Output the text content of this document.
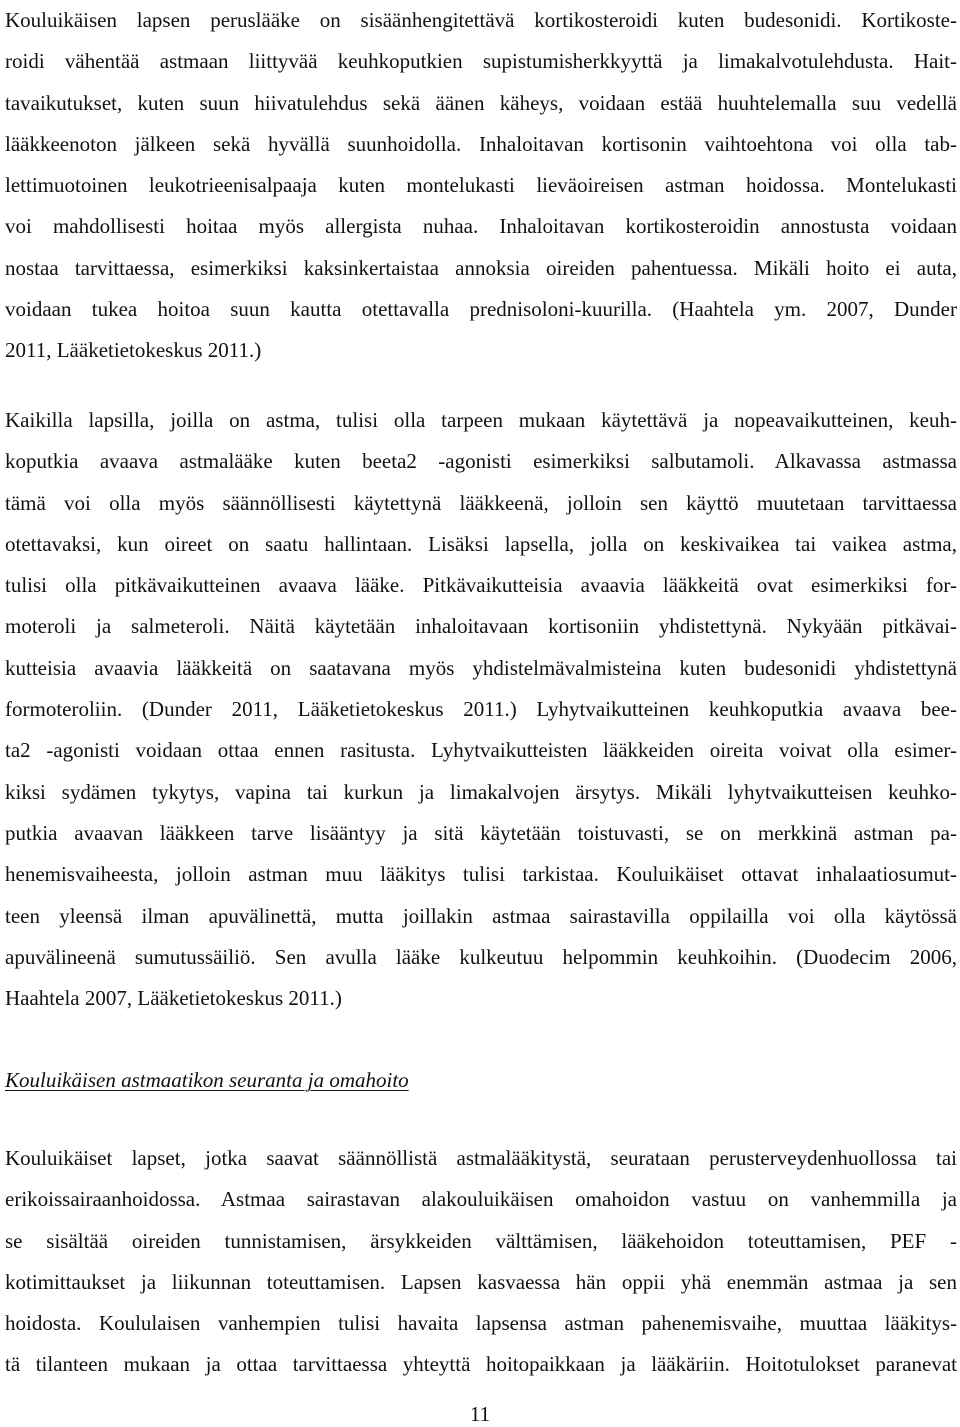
Kouluikäisen lapsen peruslääke on sisäänhengitettävä kortikosteroidi kuten budesonidi. Kortikoste-
roidi vähentää astmaan liittyvää keuhkoputkien supistumisherkkyyttä ja limakalvotulehdusta. Hait-
tavaikutukset, kuten suun hiivatulehdus sekä äänen käheys, voidaan estää huuhtelemalla suu vedellä
lääkkeenoton jälkeen sekä hyvällä suunhoidolla. Inhaloitavan kortisonin vaihtoehtona voi olla tab-
lettimuotoinen leukotrieenisalpaaja kuten montelukasti lieväoireisen astman hoidossa. Montelukasti
voi mahdollisesti hoitaa myös allergista nuhaa. Inhaloitavan kortikosteroidin annostusta voidaan
nostaa tarvittaessa, esimerkiksi kaksinkertaistaa annoksia oireiden pahentuessa. Mikäli hoito ei auta,
voidaan tukea hoitoa suun kautta otettavalla prednisoloni-kuurilla. (Haahtela ym. 2007, Dunder
2011, Lääketietokeskus 2011.)
Kaikilla lapsilla, joilla on astma, tulisi olla tarpeen mukaan käytettävä ja nopeavaikutteinen, keuh-
koputkia avaava astmalääke kuten beeta2 -agonisti esimerkiksi salbutamoli. Alkavassa astmassa
tämä voi olla myös säännöllisesti käytettynä lääkkeenä, jolloin sen käyttö muutetaan tarvittaessa
otettavaksi, kun oireet on saatu hallintaan. Lisäksi lapsella, jolla on keskivaikea tai vaikea astma,
tulisi olla pitkävaikutteinen avaava lääke. Pitkävaikutteisia avaavia lääkkeitä ovat esimerkiksi for-
moteroli ja salmeteroli. Näitä käytetään inhaloitavaan kortisoniin yhdistettynä. Nykyään pitkävai-
kutteisia avaavia lääkkeitä on saatavana myös yhdistelmävalmisteina kuten budesonidi yhdistettynä
formoteroliin. (Dunder 2011, Lääketietokeskus 2011.) Lyhytvaikutteinen keuhkoputkia avaava bee-
ta2 -agonisti voidaan ottaa ennen rasitusta. Lyhytvaikutteisten lääkkeiden oireita voivat olla esimer-
kiksi sydämen tykytys, vapina tai kurkun ja limakalvojen ärsytys. Mikäli lyhytvaikutteisen keuhko-
putkia avaavan lääkkeen tarve lisääntyy ja sitä käytetään toistuvasti, se on merkkinä astman pa-
henemisvaiheesta, jolloin astman muu lääkitys tulisi tarkistaa. Kouluikäiset ottavat inhalaatiosumut-
teen yleensä ilman apuvälinettä, mutta joillakin astmaa sairastavilla oppilailla voi olla käytössä
apuvälineenä sumutussäiliö. Sen avulla lääke kulkeutuu helpommin keuhkoihin. (Duodecim 2006,
Haahtela 2007, Lääketietokeskus 2011.)
Kouluikäisen astmaatikon seuranta ja omahoito
Kouluikäiset lapset, jotka saavat säännöllistä astmalääkitystä, seurataan perusterveydenhuollossa tai
erikoissairaanhoidossa. Astmaa sairastavan alakouluikäisen omahoidon vastuu on vanhemmilla ja
se sisältää oireiden tunnistamisen, ärsykkeiden välttämisen, lääkehoidon toteuttamisen, PEF -
kotimittaukset ja liikunnan toteuttamisen. Lapsen kasvaessa hän oppii yhä enemmän astmaa ja sen
hoidosta. Koululaisen vanhempien tulisi havaita lapsensa astman pahenemisvaihe, muuttaa lääkitys-
tä tilanteen mukaan ja ottaa tarvittaessa yhteyttä hoitopaikkaan ja lääkäriin. Hoitotulokset paranevat
11
